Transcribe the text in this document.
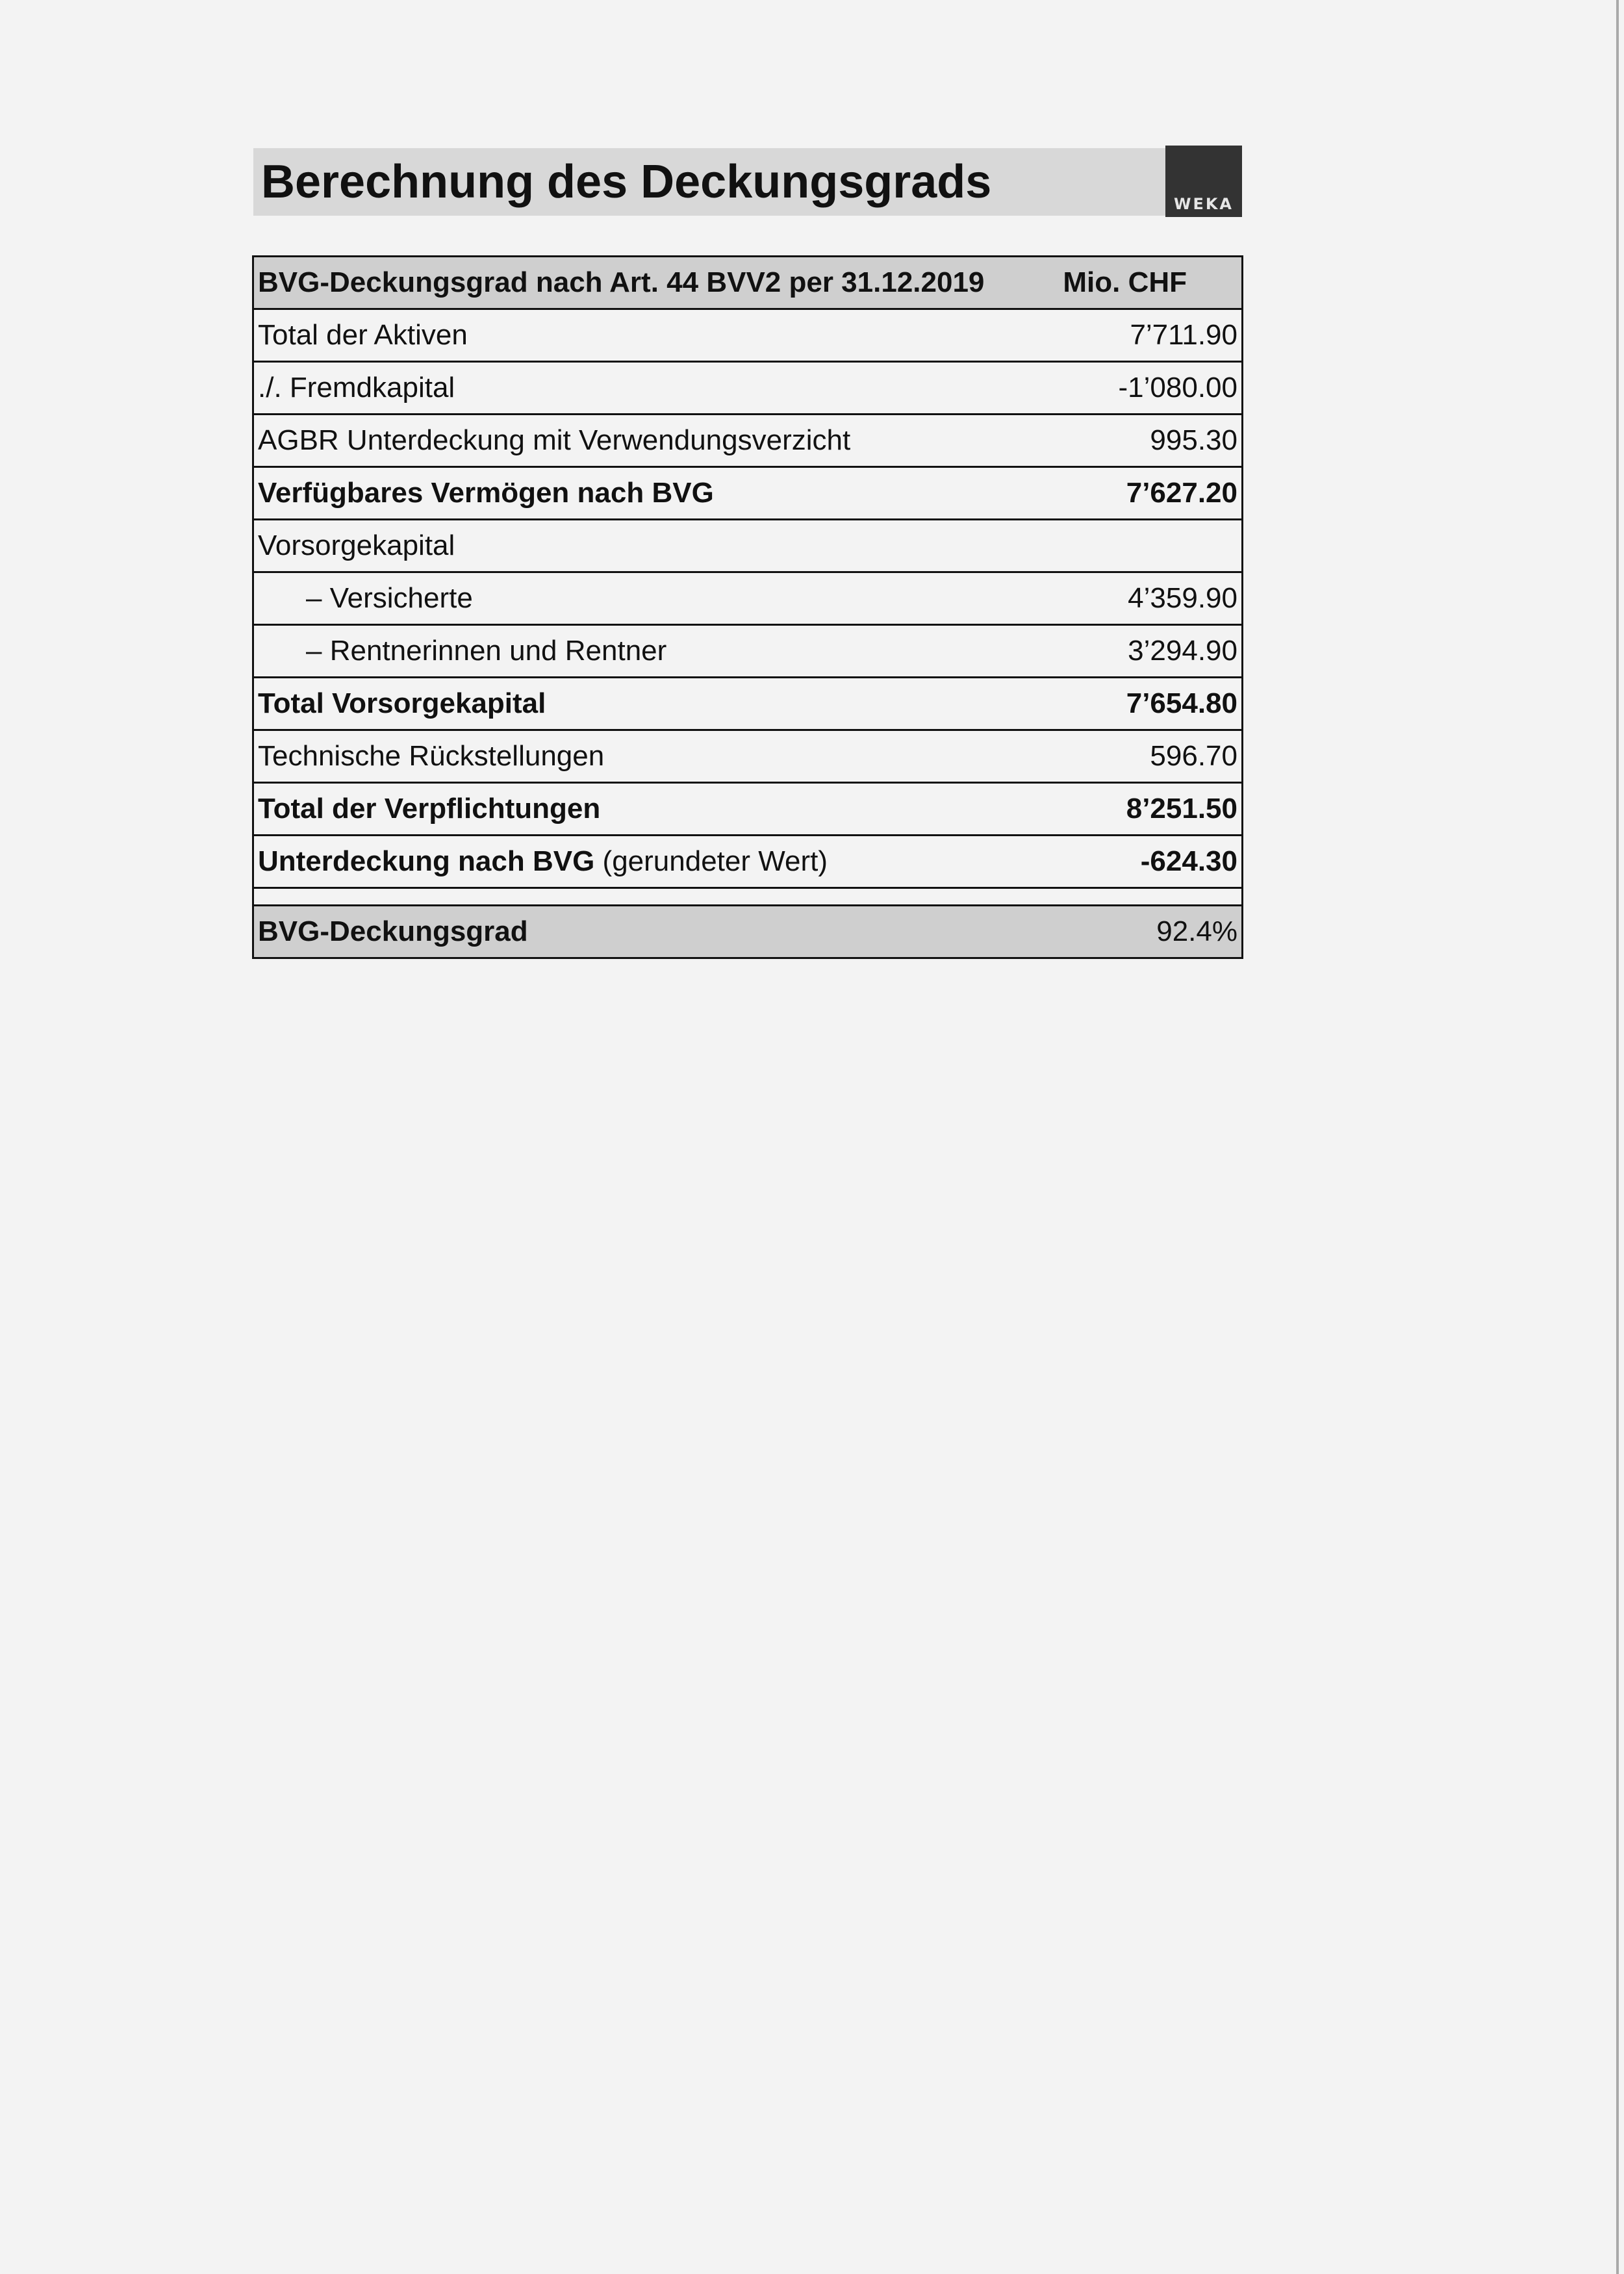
Berechnung des Deckungsgrads	WEKA
BVG-Deckungsgrad nach Art. 44 BVV2 per 31.12.2019	Mio. CHF
Total der Aktiven	7’711.90
./. Fremdkapital	-1’080.00
AGBR Unterdeckung mit Verwendungsverzicht	995.30
Verfügbares Vermögen nach BVG	7’627.20
Vorsorgekapital
– Versicherte	4’359.90
– Rentnerinnen und Rentner	3’294.90
Total Vorsorgekapital	7’654.80
Technische Rückstellungen	596.70
Total der Verpflichtungen	8’251.50
Unterdeckung nach BVG (gerundeter Wert)	-624.30
BVG-Deckungsgrad	92.4%
